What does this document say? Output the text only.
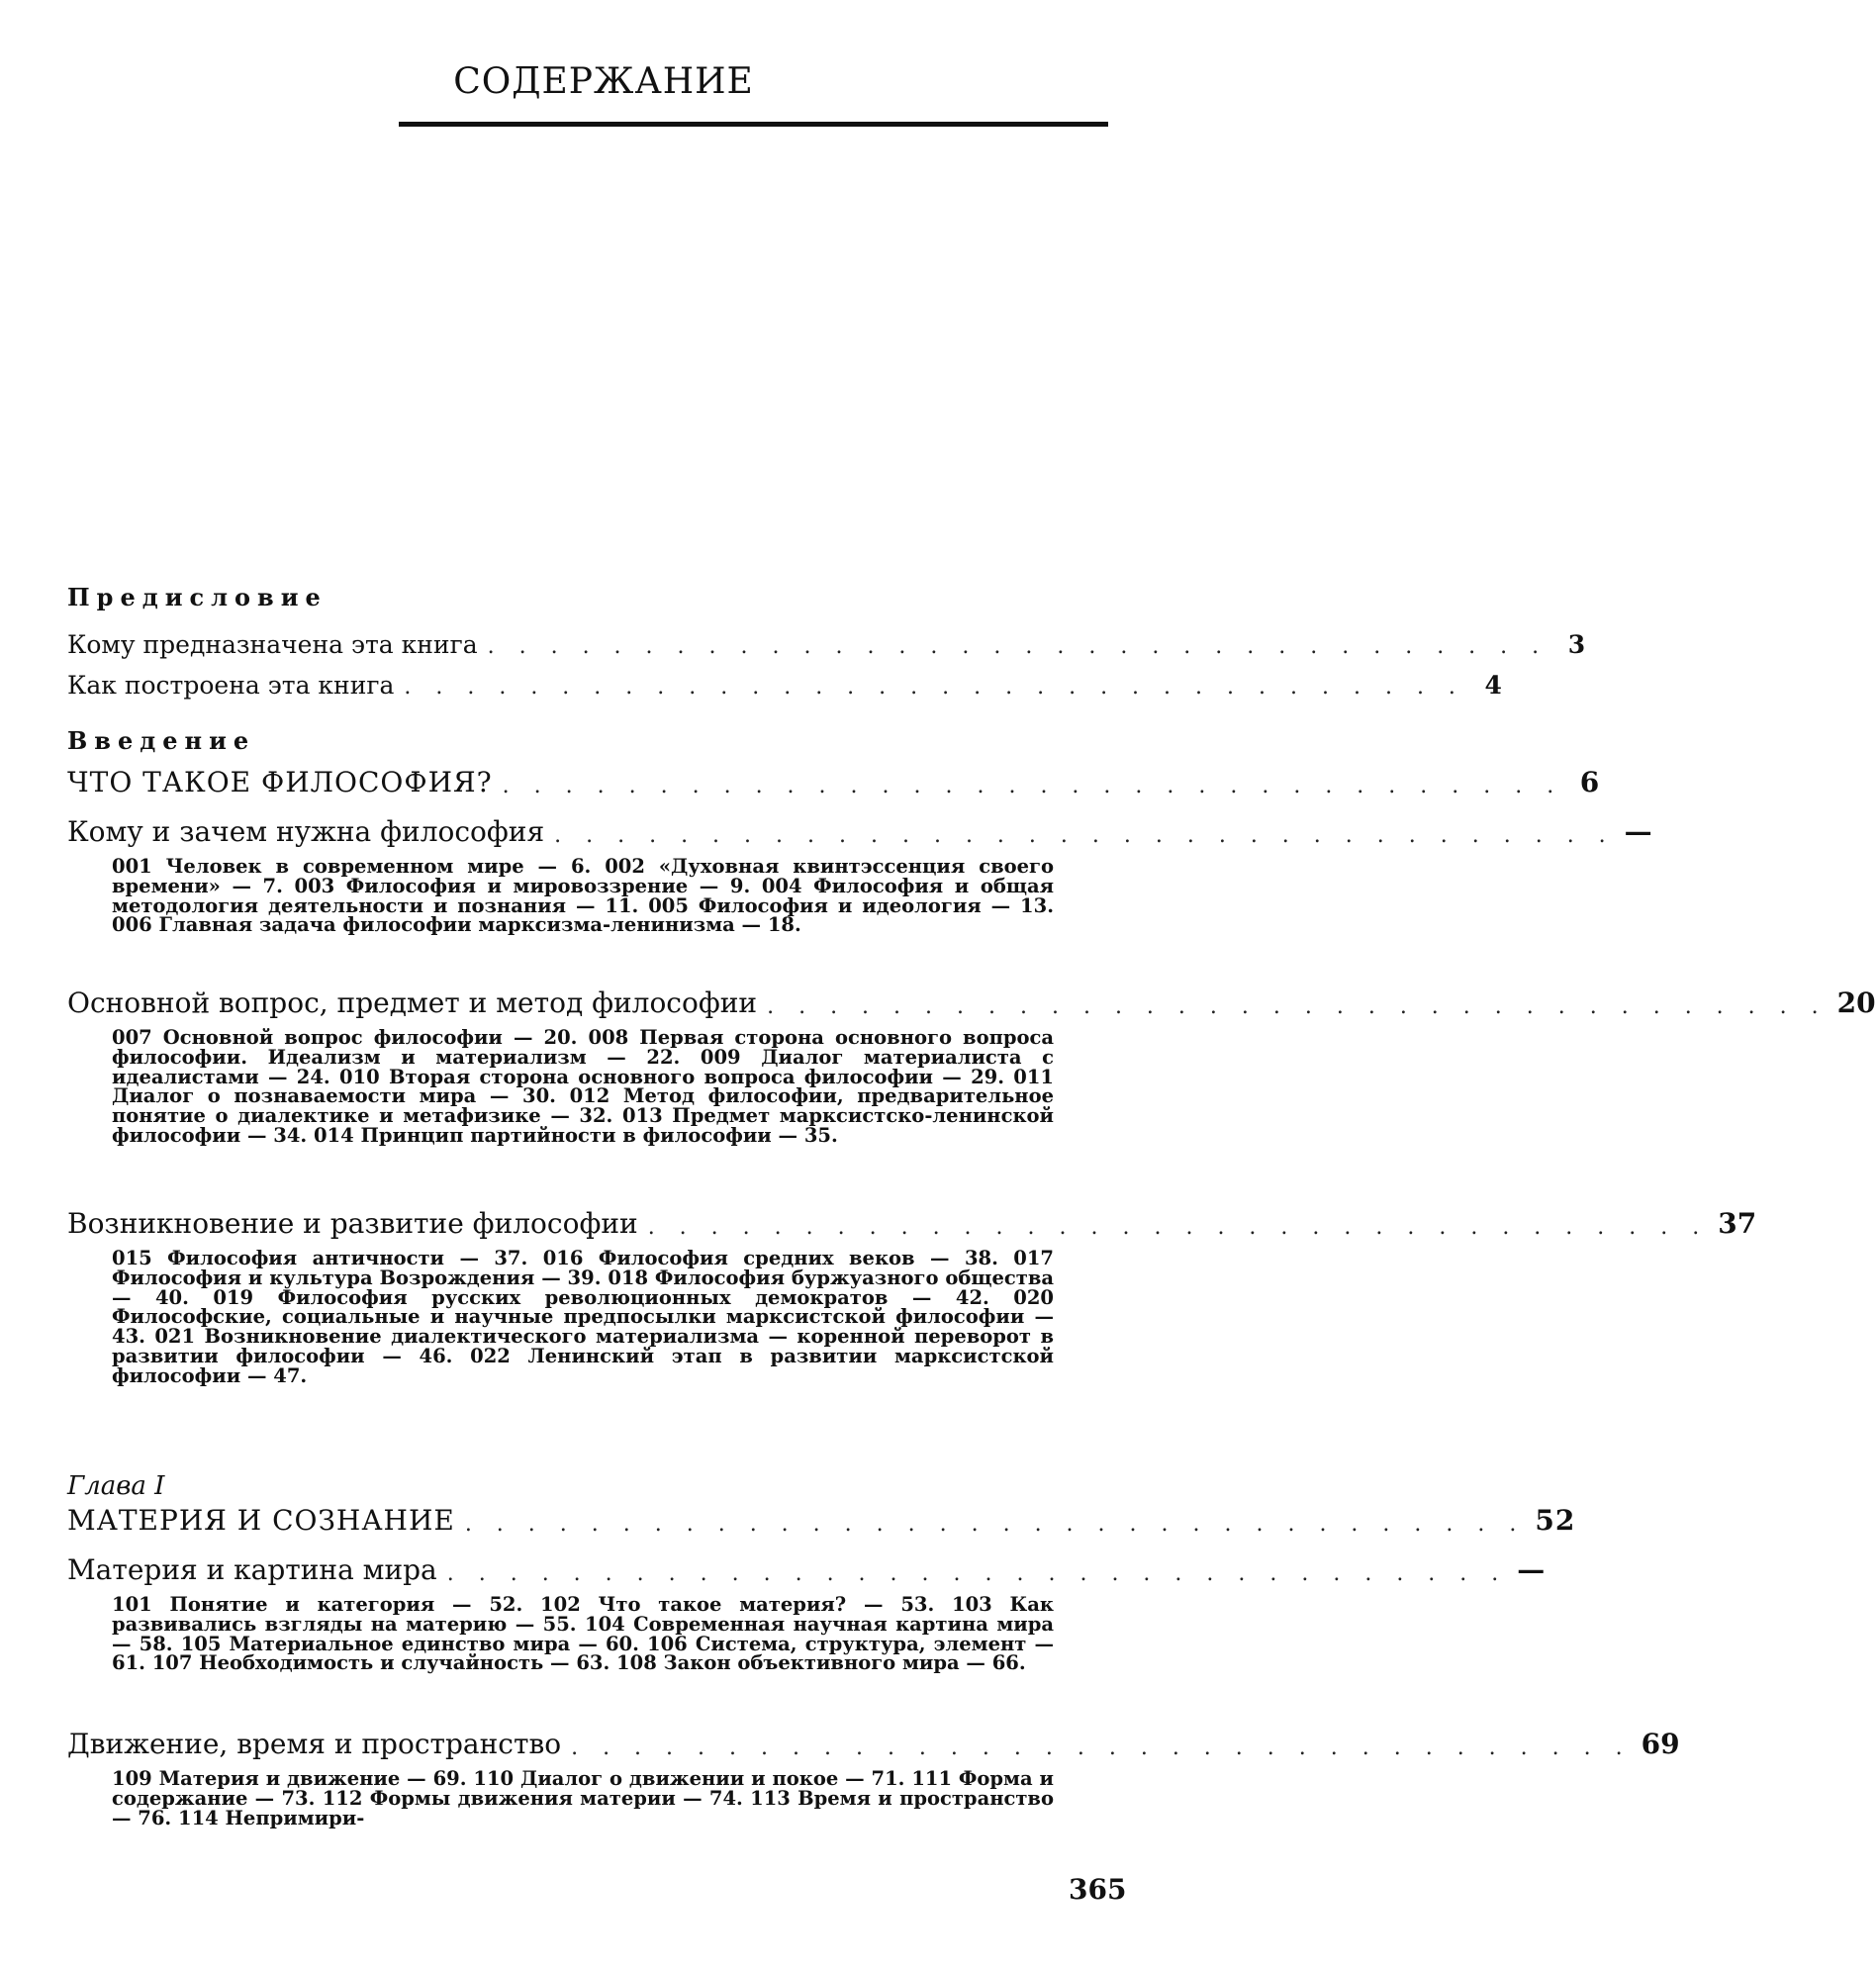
СОДЕРЖАНИЕ
Предисловие
Кому предназначена эта книга . . . . . . . . . . . . . . . . . . . . . . . . . . . . . . . . . . 3
Как построена эта книга . . . . . . . . . . . . . . . . . . . . . . . . . . . . . . . . . . 4
Введение
ЧТО ТАКОЕ ФИЛОСОФИЯ? . . . . . . . . . . . . . . . . . . . . . . . . . . . . . . . . . . 6
Кому и зачем нужна философия . . . . . . . . . . . . . . . . . . . . . . . . . . . . . . . . . . —
001 Человек в современном мире — 6. 002 «Духовная квинтэссенция своего времени» — 7. 003 Философия и мировоззрение — 9. 004 Философия и общая методология деятельности и познания — 11. 005 Философия и идеология — 13. 006 Главная задача философии марксизма-ленинизма — 18.
Основной вопрос, предмет и метод философии . . . . . . . . . . . . . . . . . . . . . . . . . . . . . . . . . . 20
007 Основной вопрос философии — 20. 008 Первая сторона основного вопроса философии. Идеализм и материализм — 22. 009 Диалог материалиста с идеалистами — 24. 010 Вторая сторона основного вопроса философии — 29. 011 Диалог о познаваемости мира — 30. 012 Метод философии, предварительное понятие о диалектике и метафизике — 32. 013 Предмет марксистско-ленинской философии — 34. 014 Принцип партийности в философии — 35.
Возникновение и развитие философии . . . . . . . . . . . . . . . . . . . . . . . . . . . . . . . . . . 37
015 Философия античности — 37. 016 Философия средних веков — 38. 017 Философия и культура Возрождения — 39. 018 Философия буржуазного общества — 40. 019 Философия русских революционных демократов — 42. 020 Философские, социальные и научные предпосылки марксистской философии — 43. 021 Возникновение диалектического материализма — коренной переворот в развитии философии — 46. 022 Ленинский этап в развитии марксистской философии — 47.
Глава I
МАТЕРИЯ И СОЗНАНИЕ . . . . . . . . . . . . . . . . . . . . . . . . . . . . . . . . . . 52
Материя и картина мира . . . . . . . . . . . . . . . . . . . . . . . . . . . . . . . . . . —
101 Понятие и категория — 52. 102 Что такое материя? — 53. 103 Как развивались взгляды на материю — 55. 104 Современная научная картина мира — 58. 105 Материальное единство мира — 60. 106 Система, структура, элемент — 61. 107 Необходимость и случайность — 63. 108 Закон объективного мира — 66.
Движение, время и пространство . . . . . . . . . . . . . . . . . . . . . . . . . . . . . . . . . . 69
109 Материя и движение — 69. 110 Диалог о движении и покое — 71. 111 Форма и содержание — 73. 112 Формы движения материи — 74. 113 Время и пространство — 76. 114 Непримири-
365
